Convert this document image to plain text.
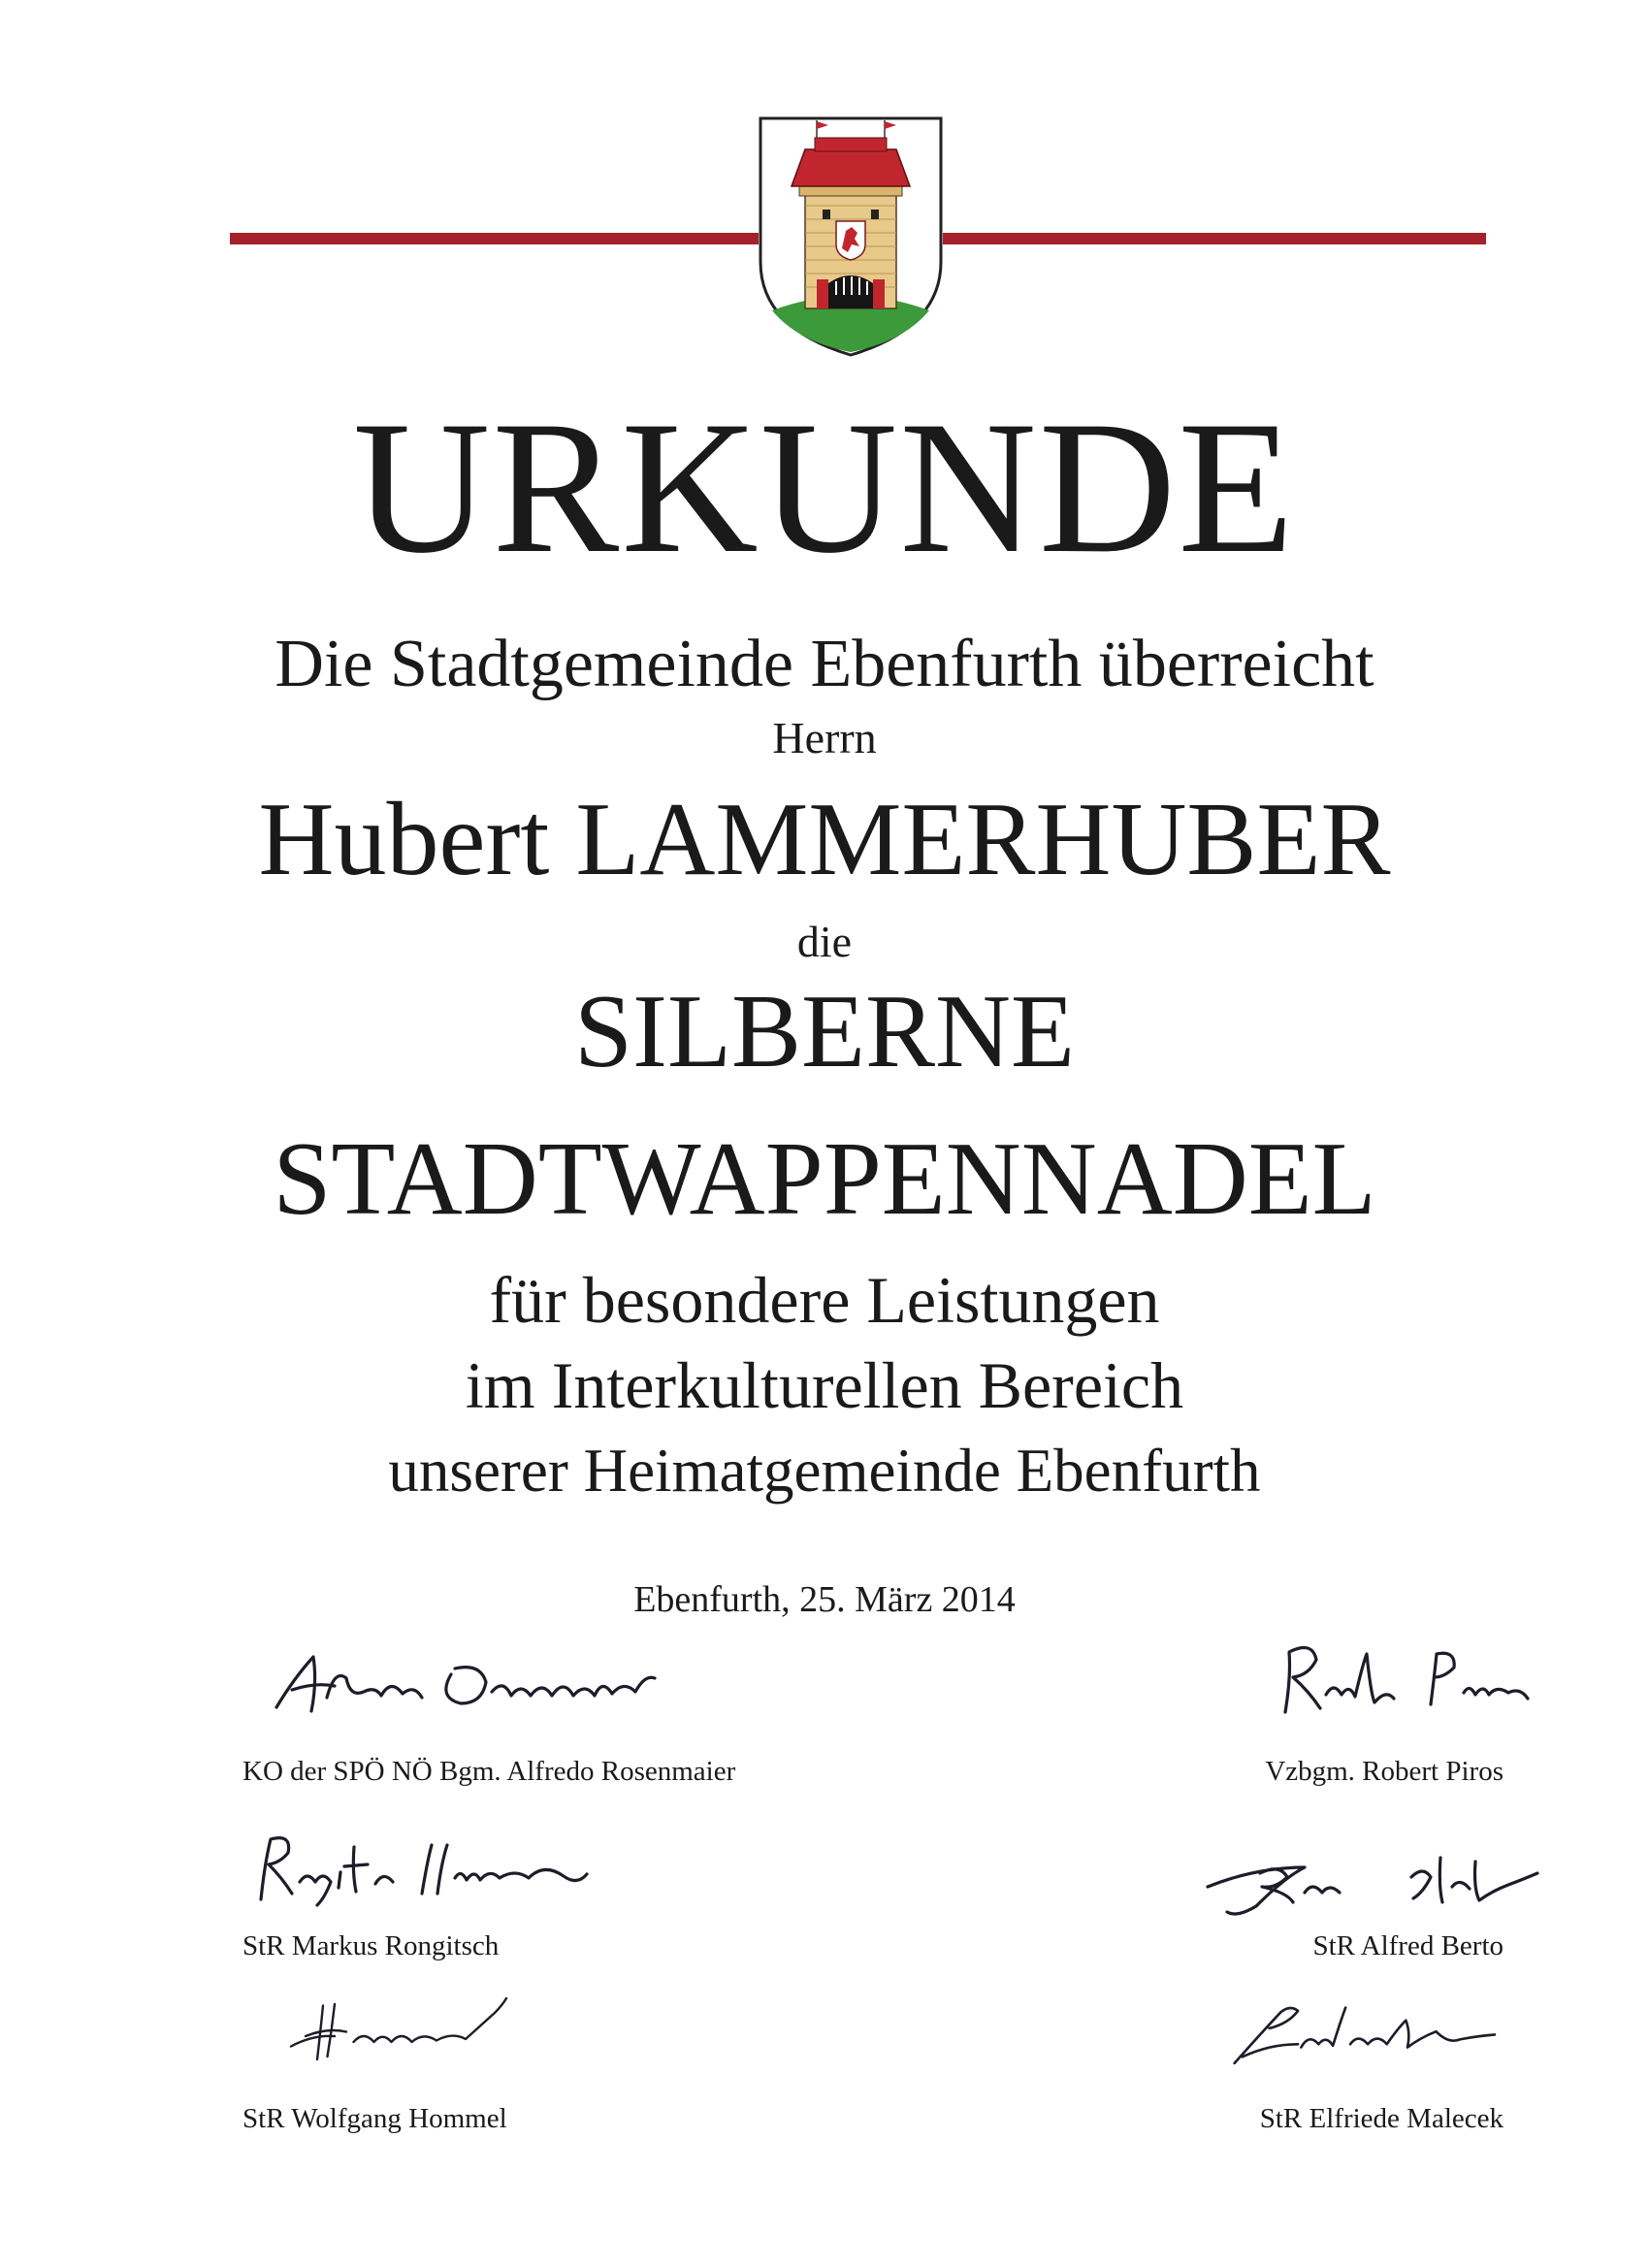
URKUNDE
Die Stadtgemeinde Ebenfurth überreicht
Herrn
Hubert LAMMERHUBER
die
SILBERNE
STADTWAPPENNADEL
für besondere Leistungen
im Interkulturellen Bereich
unserer Heimatgemeinde Ebenfurth
Ebenfurth, 25. März 2014
KO der SPÖ NÖ Bgm. Alfredo Rosenmaier	Vzbgm. Robert Piros
StR Markus Rongitsch	StR Alfred Berto
StR Wolfgang Hommel	StR Elfriede Malecek
